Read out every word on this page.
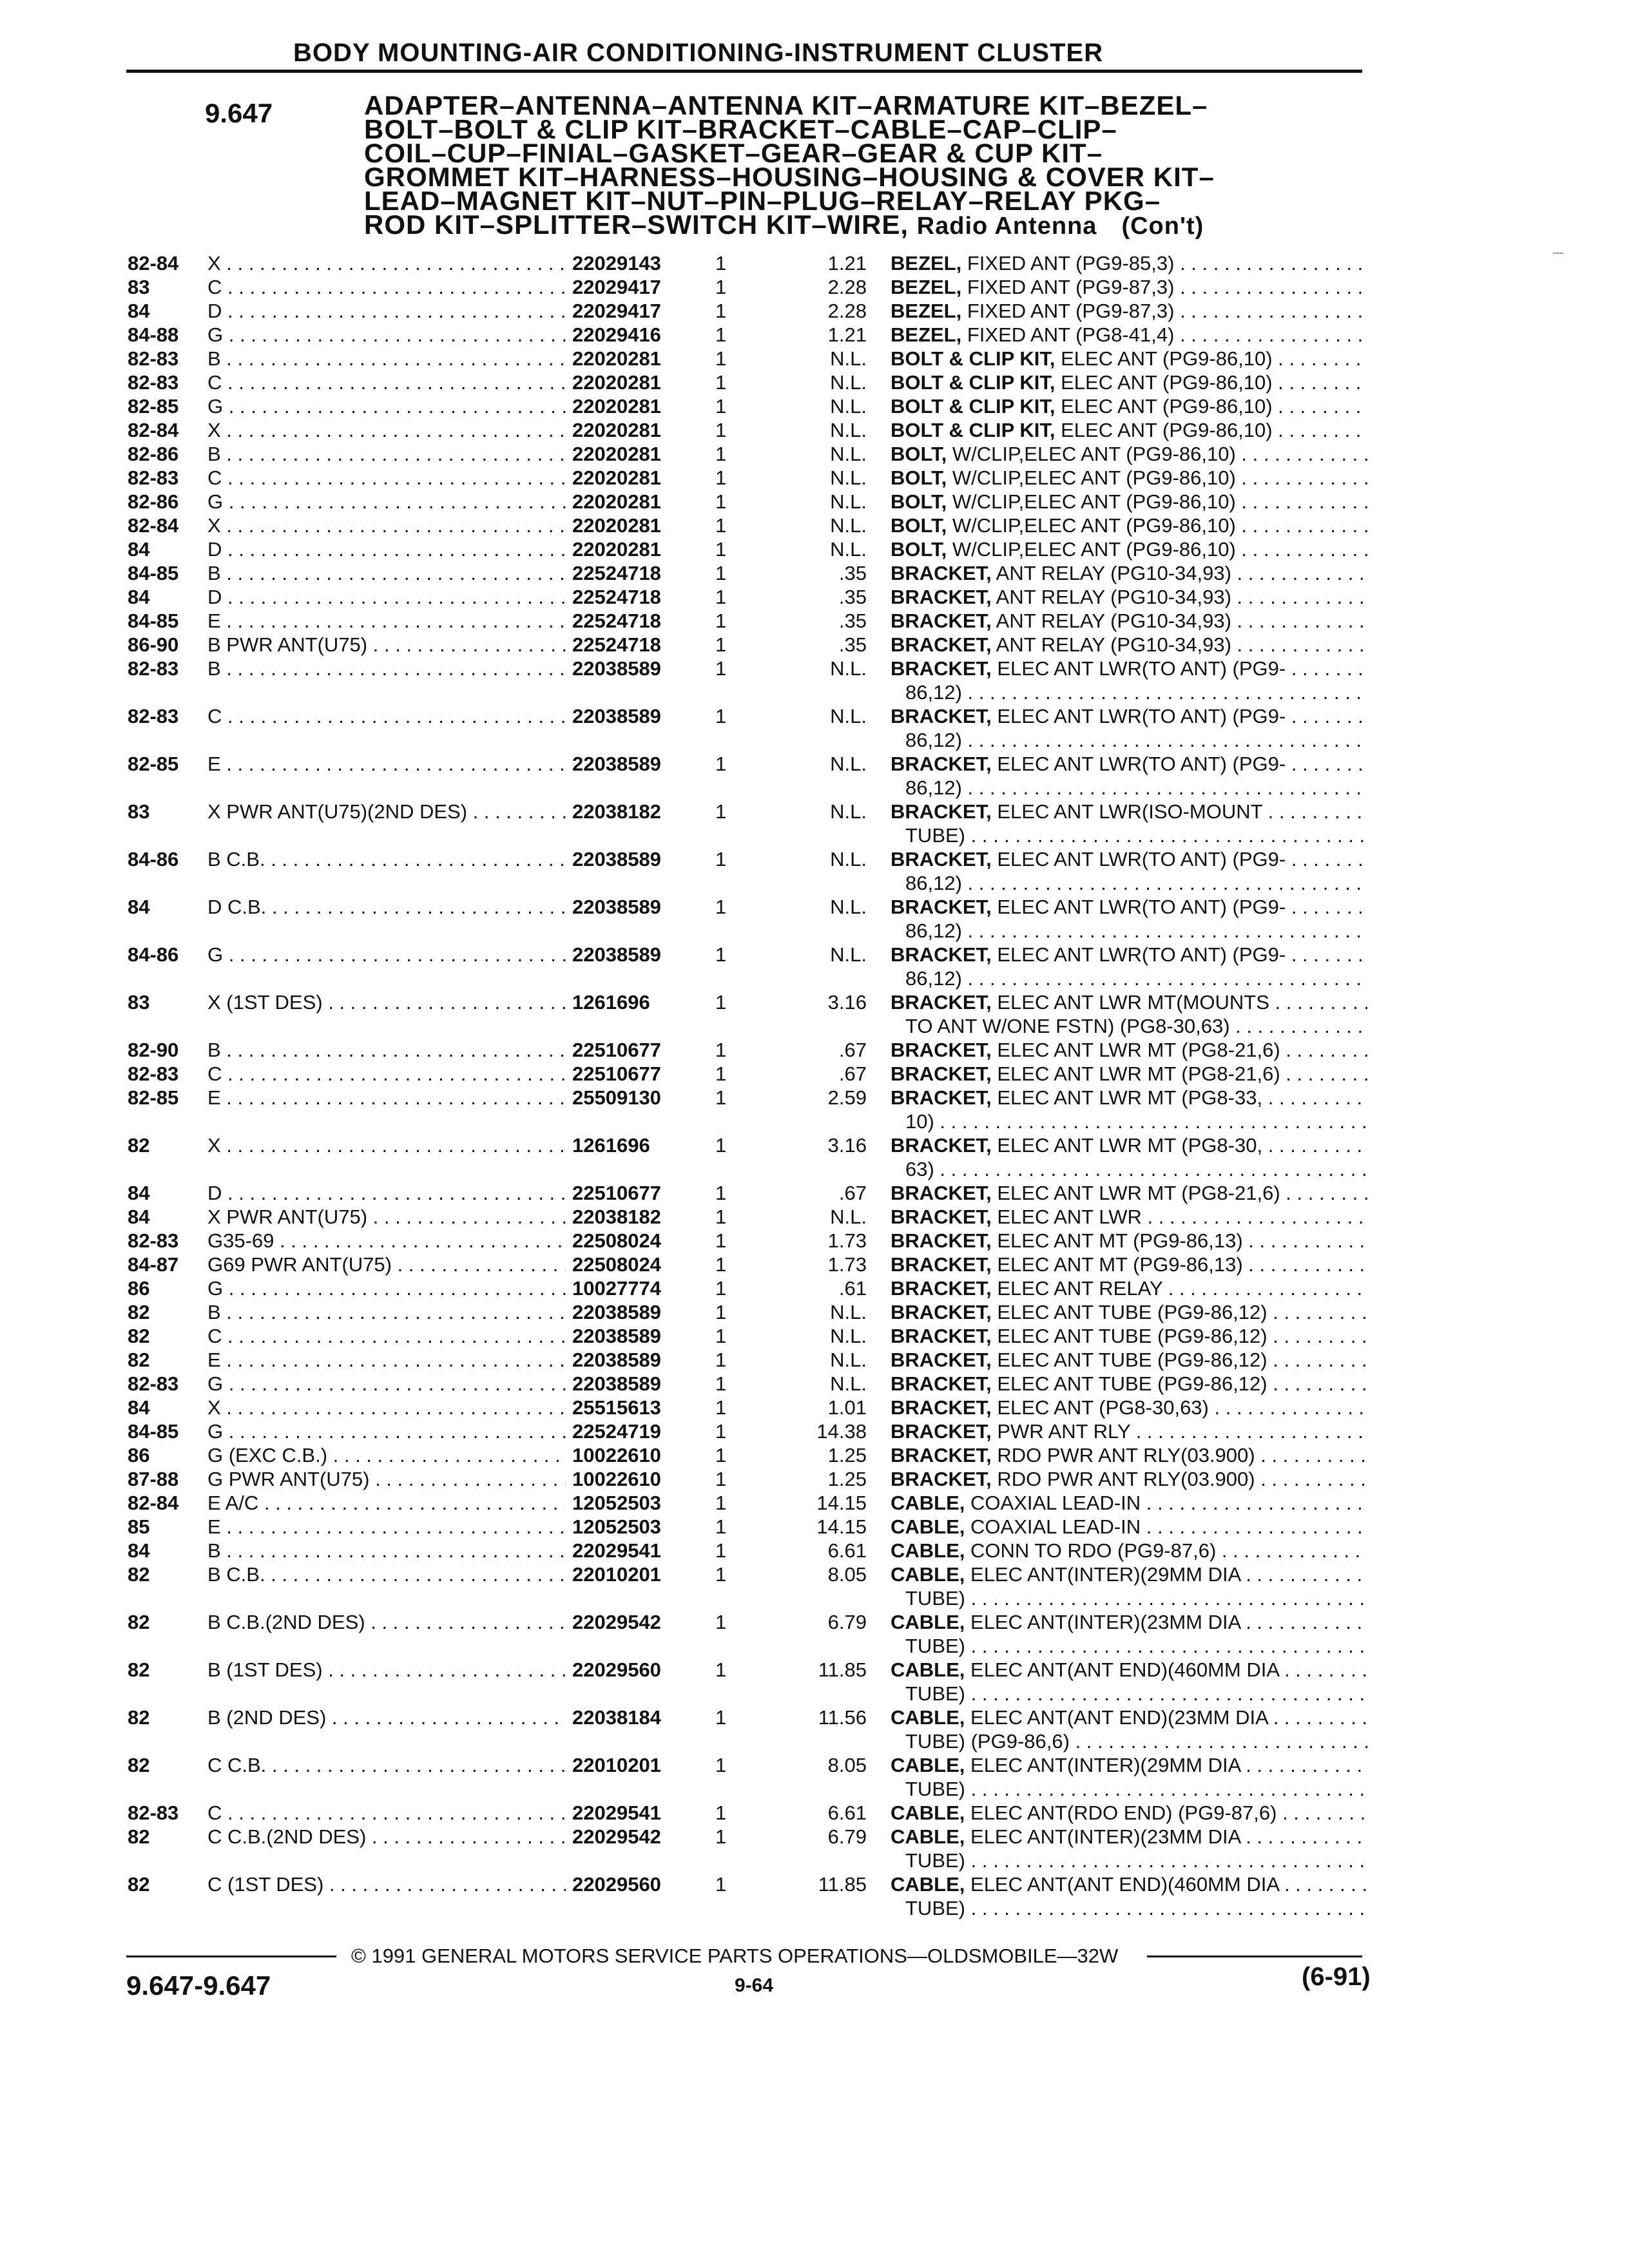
BODY MOUNTING-AIR CONDITIONING-INSTRUMENT CLUSTER
9.647	ADAPTER–ANTENNA–ANTENNA KIT–ARMATURE KIT–BEZEL–
BOLT–BOLT & CLIP KIT–BRACKET–CABLE–CAP–CLIP–
COIL–CUP–FINIAL–GASKET–GEAR–GEAR & CUP KIT–
GROMMET KIT–HARNESS–HOUSING–HOUSING & COVER KIT–
LEAD–MAGNET KIT–NUT–PIN–PLUG–RELAY–RELAY PKG–
ROD KIT–SPLITTER–SWITCH KIT–WIRE, Radio Antenna (Con't)
82-84 X . . .	22029143	1	1.21 BEZEL, FIXED ANT (PG9-85,3) . . .
83	C . . .	22029417	1	2.28 BEZEL, FIXED ANT (PG9-87,3) . . .
84	D . . .	22029417	1	2.28 BEZEL, FIXED ANT (PG9-87,3) . . .
84-88 G . . .	22029416	1	1.21 BEZEL, FIXED ANT (PG8-41,4) . . .
82-83 B . . .	22020281	1	N.L. BOLT & CLIP KIT, ELEC ANT (PG9-86,10) . . .
82-83 C . . .	22020281	1	N.L. BOLT & CLIP KIT, ELEC ANT (PG9-86,10) . . .
82-85 G . . .	22020281	1	N.L. BOLT & CLIP KIT, ELEC ANT (PG9-86,10) . . .
82-84 X . . .	22020281	1	N.L. BOLT & CLIP KIT, ELEC ANT (PG9-86,10) . . .
82-86 B . . .	22020281	1	N.L. BOLT, W/CLIP,ELEC ANT (PG9-86,10) . . .
82-83 C . . .	22020281	1	N.L. BOLT, W/CLIP,ELEC ANT (PG9-86,10) . . .
82-86 G . . .	22020281	1	N.L. BOLT, W/CLIP,ELEC ANT (PG9-86,10) . . .
82-84 X . . .	22020281	1	N.L. BOLT, W/CLIP,ELEC ANT (PG9-86,10) . . .
84	D . . .	22020281	1	N.L. BOLT, W/CLIP,ELEC ANT (PG9-86,10) . . .
84-85 B . . .	22524718	1	.35 BRACKET, ANT RELAY (PG10-34,93) . . .
84	D . . .	22524718	1	.35 BRACKET, ANT RELAY (PG10-34,93) . . .
84-85 E . . .	22524718	1	.35 BRACKET, ANT RELAY (PG10-34,93) . . .
86-90 B PWR ANT(U75) . . .	22524718	1	.35 BRACKET, ANT RELAY (PG10-34,93) . . .
82-83 B . . .	22038589	1	N.L. BRACKET, ELEC ANT LWR(TO ANT) (PG9- . . .
86,12) . . .
82-83 C . . .	22038589	1	N.L. BRACKET, ELEC ANT LWR(TO ANT) (PG9- . . .
86,12) . . .
82-85 E . . .	22038589	1	N.L. BRACKET, ELEC ANT LWR(TO ANT) (PG9- . . .
86,12) . . .
83	X PWR ANT(U75)(2ND DES) . . .	22038182	1	N.L. BRACKET, ELEC ANT LWR(ISO-MOUNT . . .
TUBE) . . .
84-86 B C.B. . . .	22038589	1	N.L. BRACKET, ELEC ANT LWR(TO ANT) (PG9- . . .
86,12) . . .
84	D C.B. . . .	22038589	1	N.L. BRACKET, ELEC ANT LWR(TO ANT) (PG9- . . .
86,12) . . .
84-86 G . . .	22038589	1	N.L. BRACKET, ELEC ANT LWR(TO ANT) (PG9- . . .
86,12) . . .
83	X (1ST DES) . . .	1261696	1	3.16 BRACKET, ELEC ANT LWR MT(MOUNTS . . .
TO ANT W/ONE FSTN) (PG8-30,63) . . .
82-90 B . . .	22510677	1	.67 BRACKET, ELEC ANT LWR MT (PG8-21,6) . . .
82-83 C . . .	22510677	1	.67 BRACKET, ELEC ANT LWR MT (PG8-21,6) . . .
82-85 E . . .	25509130	1	2.59 BRACKET, ELEC ANT LWR MT (PG8-33, . . .
10) . . .
82	X . . .	1261696	1	3.16 BRACKET, ELEC ANT LWR MT (PG8-30, . . .
63) . . .
84	D . . .	22510677	1	.67 BRACKET, ELEC ANT LWR MT (PG8-21,6) . . .
84	X PWR ANT(U75) . . .	22038182	1	N.L. BRACKET, ELEC ANT LWR . . .
82-83 G35-69 . . .	22508024	1	1.73 BRACKET, ELEC ANT MT (PG9-86,13) . . .
84-87 G69 PWR ANT(U75) . . .	22508024	1	1.73 BRACKET, ELEC ANT MT (PG9-86,13) . . .
86	G . . .	10027774	1	.61 BRACKET, ELEC ANT RELAY . . .
82	B . . .	22038589	1	N.L. BRACKET, ELEC ANT TUBE (PG9-86,12) . . .
82	C . . .	22038589	1	N.L. BRACKET, ELEC ANT TUBE (PG9-86,12) . . .
82	E . . .	22038589	1	N.L. BRACKET, ELEC ANT TUBE (PG9-86,12) . . .
82-83 G . . .	22038589	1	N.L. BRACKET, ELEC ANT TUBE (PG9-86,12) . . .
84	X . . .	25515613	1	1.01 BRACKET, ELEC ANT (PG8-30,63) . . .
84-85 G . . .	22524719	1	14.38 BRACKET, PWR ANT RLY . . .
86	G (EXC C.B.) . . .	10022610	1	1.25 BRACKET, RDO PWR ANT RLY(03.900) . . .
87-88 G PWR ANT(U75) . . .	10022610	1	1.25 BRACKET, RDO PWR ANT RLY(03.900) . . .
82-84 E A/C . . .	12052503	1	14.15 CABLE, COAXIAL LEAD-IN . . .
85	E . . .	12052503	1	14.15 CABLE, COAXIAL LEAD-IN . . .
84	B . . .	22029541	1	6.61 CABLE, CONN TO RDO (PG9-87,6) . . .
82	B C.B. . . .	22010201	1	8.05 CABLE, ELEC ANT(INTER)(29MM DIA . . .
TUBE) . . .
82	B C.B.(2ND DES) . . .	22029542	1	6.79 CABLE, ELEC ANT(INTER)(23MM DIA . . .
TUBE) . . .
82	B (1ST DES) . . .	22029560	1	11.85 CABLE, ELEC ANT(ANT END)(460MM DIA . . .
TUBE) . . .
82	B (2ND DES) . . .	22038184	1	11.56 CABLE, ELEC ANT(ANT END)(23MM DIA . . .
TUBE) (PG9-86,6) . . .
82	C C.B. . . .	22010201	1	8.05 CABLE, ELEC ANT(INTER)(29MM DIA . . .
TUBE) . . .
82-83 C . . .	22029541	1	6.61 CABLE, ELEC ANT(RDO END) (PG9-87,6) . . .
82	C C.B.(2ND DES) . . .	22029542	1	6.79 CABLE, ELEC ANT(INTER)(23MM DIA . . .
TUBE) . . .
82	C (1ST DES) . . .	22029560	1	11.85 CABLE, ELEC ANT(ANT END)(460MM DIA . . .
TUBE) . . .
© 1991 GENERAL MOTORS SERVICE PARTS OPERATIONS—OLDSMOBILE—32W
9.647-9.647	9-64	(6-91)
